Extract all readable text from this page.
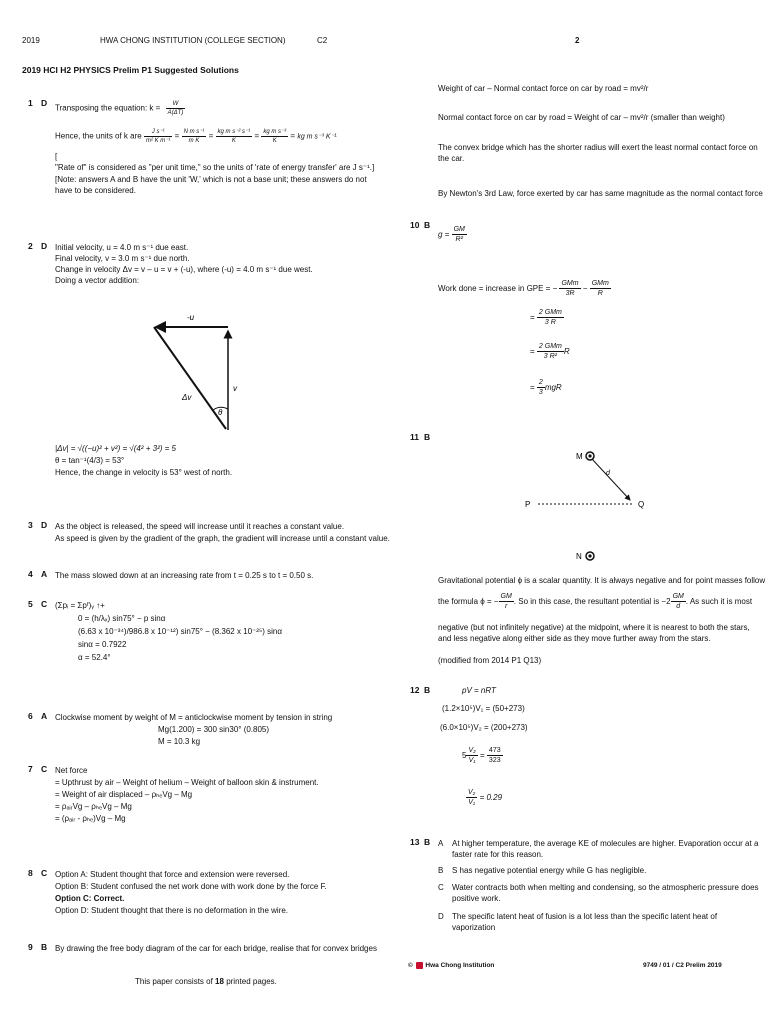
2019	HWA CHONG INSTITUTION (COLLEGE SECTION)	C2	2
2019 HCI H2 PHYSICS Prelim P1 Suggested Solutions
1 D
Transposing the equation: $k = \frac{W}{A(\Delta T)}$
Hence, the units of k are $\frac{\text{J s⁻¹}}{\text{m² K m⁻¹}} = \frac{\text{N m s⁻¹}}{\text{m K}} = \frac{\text{kg m s⁻² s⁻¹}}{K} = \frac{\text{kg m s⁻³}}{K}$ = kg m s⁻³ K⁻¹
[
"Rate of" is considered as "per unit time," so the units of 'rate of energy transfer' are J s⁻¹.]
[Note: answers A and B have the unit 'W,' which is not a base unit; these answers do not have to be considered.
2 D Initial velocity, u = 4.0 m s⁻¹ due east.
Final velocity, v = 3.0 m s⁻¹ due north.
Change in velocity Δv = v – u = v + (-u), where (-u) = 4.0 m s⁻¹ due west.
Doing a vector addition:
-u
Δv
v
θ
|Δv| = √((−u)² + v²) = √(4² + 3²) = 5
θ = tan⁻¹(4/3) = 53°
Hence, the change in velocity is 53° west of north.
3 D As the object is released, the speed will increase until it reaches a constant value.
As speed is given by the gradient of the graph, the gradient will increase until a constant value.
4 A The mass slowed down at an increasing rate from t = 0.25 s to t = 0.50 s.
5 C (Σpᵢ = Σpᶠ)ᵧ ↑+
0 = (h/λₓ) sin75° − p sinα
(6.63 x 10⁻³⁴)/986.8 x 10⁻¹²) sin75° − (8.362 x 10⁻²⁵) sinα
sinα = 0.7922
α = 52.4°
6 A Clockwise moment by weight of M = anticlockwise moment by tension in string
Mg(1.200) = 300 sin30° (0.805)
M = 10.3 kg
7 C Net force
= Upthrust by air – Weight of helium – Weight of balloon skin & instrument.
= Weight of air displaced – ρₕₑVg – Mg
= ρₐᵢᵣVg – ρₕₑVg – Mg
= (ρₐᵢᵣ - ρₕₑ)Vg – Mg
8 C Option A: Student thought that force and extension were reversed.
Option B: Student confused the net work done with work done by the force F.
Option C: Correct.
Option D: Student thought that there is no deformation in the wire.
9 B By drawing the free body diagram of the car for each bridge, realise that for convex bridges
This paper consists of 18 printed pages.
Weight of car – Normal contact force on car by road = mv²/r
Normal contact force on car by road = Weight of car – mv²/r (smaller than weight)
The convex bridge which has the shorter radius will exert the least normal contact force on the car.
By Newton's 3rd Law, force exerted by car has same magnitude as the normal contact force
10 B
$g = \frac{GM}{\text{R²}}$
Work done = increase in GPE = − $\frac{\text{GMm}}{3R} - \frac{\text{GMm}}{R}$
= $\frac{\text{2 GMm}}{3 R}$
= $\frac{\text{2 GMm}}{\text{3 R²}}$ R
= $\frac{2}{3}$ mgR
11 B
M
d
P	Q
N
Gravitational potential ϕ is a scalar quantity. It is always negative and for point masses follow
the formula ϕ = − $\frac{GM}{r}$ . So in this case, the resultant potential is $-2 \frac{GM}{d}$ . As such it is most
negative (but not infinitely negative) at the midpoint, where it is nearest to both the stars, and less negative along either side as they move further away from the stars.
(modified from 2014 P1 Q13)
12 B	pV = nRT
(1.2×10⁵)V₁ = (50+273)
(6.0×10⁵)V₂ = (200+273)
$5 \frac{\text{V₂}}{\text{V₁}} = \frac{473}{323}$
$\frac{\text{V₂}}{\text{V₁}} = 0.29$
13 B A At higher temperature, the average KE of molecules are higher. Evaporation occur at a faster rate for this reason.
B S has negative potential energy while G has negligible.
C Water contracts both when melting and condensing, so the atmospheric pressure does positive work.
D The specific latent heat of fusion is a lot less than the specific latent heat of vaporization
© Hwa Chong Institution	9749 / 01 / C2 Prelim 2019
